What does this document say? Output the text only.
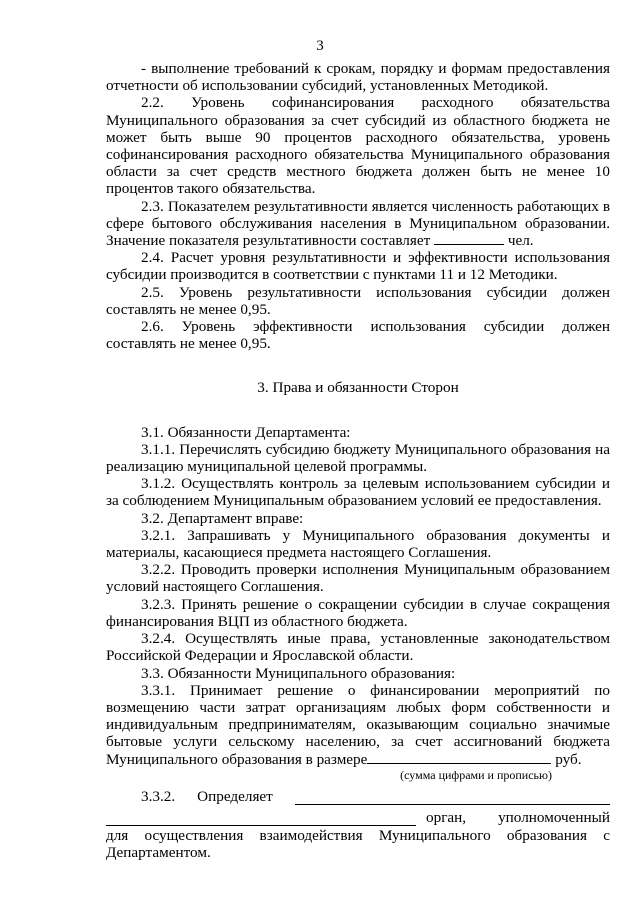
3

- выполнение требований к срокам, порядку и формам предоставления отчетности об использовании субсидий, установленных Методикой.

2.2. Уровень софинансирования расходного обязательства Муниципального образования за счет субсидий из областного бюджета не может быть выше 90 процентов расходного обязательства, уровень софинансирования расходного обязательства Муниципального образования области за счет средств местного бюджета должен быть не менее 10 процентов такого обязательства.

2.3. Показателем результативности является численность работающих в сфере бытового обслуживания населения в Муниципальном образовании. Значение показателя результативности составляет	чел.

2.4. Расчет уровня результативности и эффективности использования субсидии производится в соответствии с пунктами 11 и 12 Методики.

2.5. Уровень результативности использования субсидии должен составлять не менее 0,95.

2.6. Уровень эффективности использования субсидии должен составлять не менее 0,95.

3. Права и обязанности Сторон

3.1. Обязанности Департамента:

3.1.1. Перечислять субсидию бюджету Муниципального образования на реализацию муниципальной целевой программы.

3.1.2. Осуществлять контроль за целевым использованием субсидии и за соблюдением Муниципальным образованием условий ее предоставления.

3.2. Департамент вправе:

3.2.1. Запрашивать у Муниципального образования документы и материалы, касающиеся предмета настоящего Соглашения.

3.2.2. Проводить проверки исполнения Муниципальным образованием условий настоящего Соглашения.

3.2.3. Принять решение о сокращении субсидии в случае сокращения финансирования ВЦП из областного бюджета.

3.2.4. Осуществлять иные права, установленные законодательством Российской Федерации и Ярославской области.

3.3. Обязанности Муниципального образования:

3.3.1. Принимает решение о финансировании мероприятий по возмещению части затрат организациям любых форм собственности и индивидуальным предпринимателям, оказывающим социально значимые бытовые услуги сельскому населению, за счет ассигнований бюджета Муниципального образования в размере	руб.

(сумма цифрами и прописью)

3.3.2. Определяет
орган, уполномоченный

для осуществления взаимодействия Муниципального образования с Департаментом.
